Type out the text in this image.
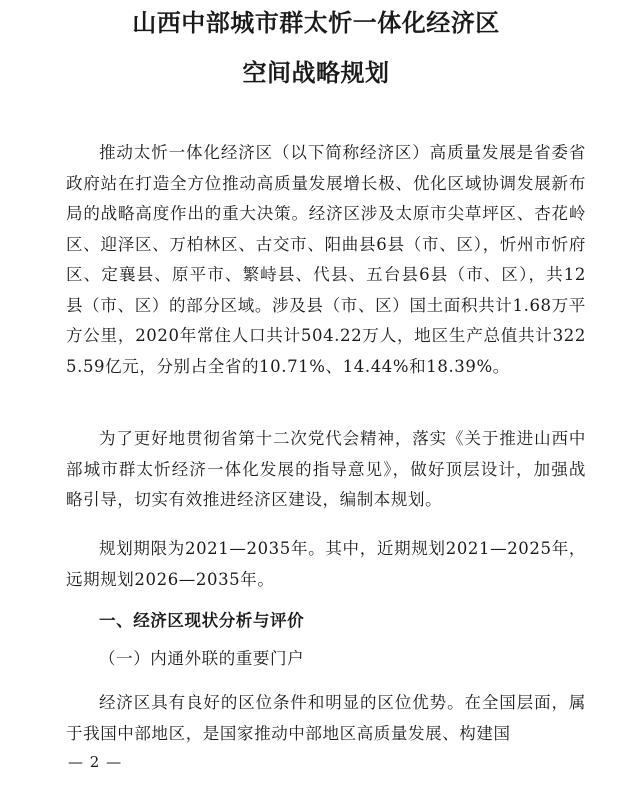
山西中部城市群太忻一体化经济区
空间战略规划

推动太忻一体化经济区（以下简称经济区）高质量发展是省委省政府站在打造全方位推动高质量发展增长极、优化区域协调发展新布局的战略高度作出的重大决策。经济区涉及太原市尖草坪区、杏花岭区、迎泽区、万柏林区、古交市、阳曲县6县（市、区），忻州市忻府区、定襄县、原平市、繁峙县、代县、五台县6县（市、区），共12县（市、区）的部分区域。涉及县（市、区）国土面积共计1.68万平方公里，2020年常住人口共计504.22万人，地区生产总值共计3225.59亿元，分别占全省的10.71%、14.44%和18.39%。

为了更好地贯彻省第十二次党代会精神，落实《关于推进山西中部城市群太忻经济一体化发展的指导意见》，做好顶层设计，加强战略引导，切实有效推进经济区建设，编制本规划。

规划期限为2021—2035年。其中，近期规划2021—2025年，远期规划2026—2035年。

一、经济区现状分析与评价
（一）内通外联的重要门户

经济区具有良好的区位条件和明显的区位优势。在全国层面，属于我国中部地区，是国家推动中部地区高质量发展、构建国

— 2 —
